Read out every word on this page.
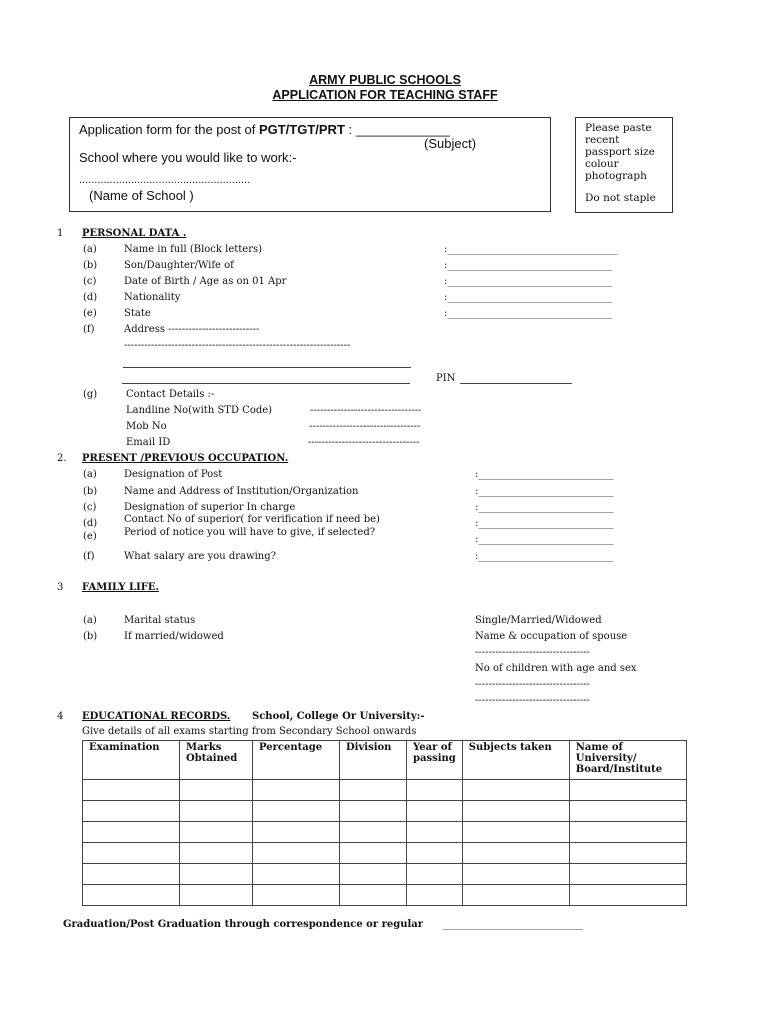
ARMY PUBLIC SCHOOLS
APPLICATION FOR TEACHING STAFF
Application form for the post of PGT/TGT/PRT : _____________
(Subject)
School where you would like to work:-
........................................................
(Name of School )
Please paste
recent
passport size
colour
photograph
Do not staple
1 PERSONAL DATA .
(a)	Name in full (Block letters)	:__________________________________
(b)	Son/Daughter/Wife of	:_________________________________
(c)	Date of Birth / Age as on 01 Apr	:_________________________________
(d)	Nationality	:_________________________________
(e)	State	:_________________________________
(f)	Address ---------------------------
-------------------------------------------------------------------
PIN
(g)	Contact Details :-
Landline No(with STD Code)	---------------------------------
Mob No	---------------------------------
Email ID	---------------------------------
2. PRESENT /PREVIOUS OCCUPATION.
(a)	Designation of Post	:___________________________
(b)	Name and Address of Institution/Organization	:___________________________
(c)	Designation of superior In charge	:___________________________
(d)	Contact No of superior( for verification if need be)	:___________________________
(e)	Period of notice you will have to give, if selected?
:___________________________
(f)	What salary are you drawing?	:___________________________
3 FAMILY LIFE.
(a)	Marital status	Single/Married/Widowed
(b)	If married/widowed	Name & occupation of spouse
----------------------------------
No of children with age and sex
----------------------------------
----------------------------------
4 EDUCATIONAL RECORDS. School, College Or University:-
Give details of all exams starting from Secondary School onwards
Examination	Marks Obtained	Percentage	Division	Year of passing	Subjects taken	Name of University/ Board/Institute

Graduation/Post Graduation through correspondence or regular ____________________________
